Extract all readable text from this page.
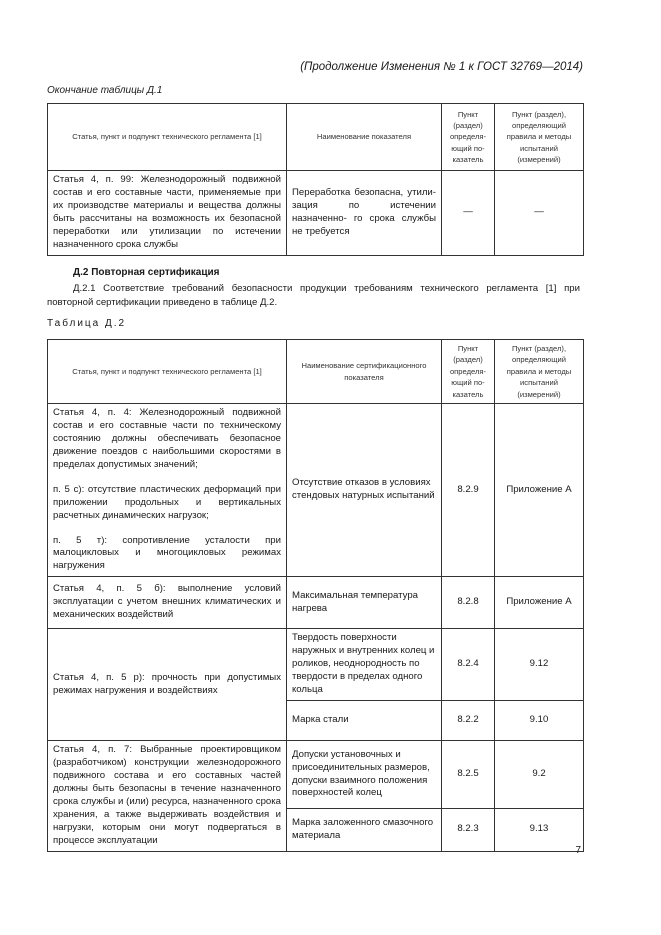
(Продолжение Изменения № 1 к ГОСТ 32769—2014)
Окончание таблицы Д.1
Статья, пункт и подпункт технического регламента [1]	Наименование показателя	Пункт (раздел) определя- ющий по- казатель	Пункт (раздел), определяющий правила и методы испытаний (измерений)
Статья 4, п. 99: Железнодорожный подвижной состав и его составные части, применяемые при их производстве материалы и вещества должны быть рассчитаны на возможность их безопасной переработки или утилизации по истечении назначенного срока службы	Переработка безопасна, утили- зация по истечении назначенно- го срока службы не требуется	—	—
Д.2 Повторная сертификация
Д.2.1 Соответствие требований безопасности продукции требованиям технического регламента [1] при повторной сертификации приведено в таблице Д.2.
Таблица Д.2
Статья, пункт и подпункт технического регламента [1]	Наименование сертификационного показателя	Пункт (раздел) определя- ющий по- казатель	Пункт (раздел), определяющий правила и методы испытаний (измерений)

Статья 4, п. 4: Железнодорожный подвижной состав и его составные части по техническому состоянию должны обеспечивать безопасное движение поездов с наибольшими скоростями в пределах допустимых значений;

п. 5 с): отсутствие пластических деформаций при приложении продольных и вертикальных расчетных динамических нагрузок;

п. 5 т): сопротивление усталости при малоцикловых и многоцикловых режимах нагружения	Отсутствие отказов в условиях стендовых натурных испытаний	8.2.9	Приложение А
Статья 4, п. 5 б): выполнение условий эксплуатации с учетом внешних климатических и механических воздействий	Максимальная температура нагрева	8.2.8	Приложение А
Статья 4, п. 5 р): прочность при допустимых режимах нагружения и воздействиях	Твердость поверхности наружных и внутренних колец и роликов, неоднородность по твердости в пределах одного кольца	8.2.4	9.12
	Марка стали	8.2.2	9.10
Статья 4, п. 7: Выбранные проектировщиком (разработчиком) конструкции железнодорожного подвижного состава и его составных частей должны быть безопасны в течение назначенного срока службы и (или) ресурса, назначенного срока хранения, а также выдерживать воздействия и нагрузки, которым они могут подвергаться в процессе эксплуатации	Допуски установочных и присоединительных размеров, допуски взаимного положения поверхностей колец	8.2.5	9.2
	Марка заложенного смазочного материала	8.2.3	9.13
7
